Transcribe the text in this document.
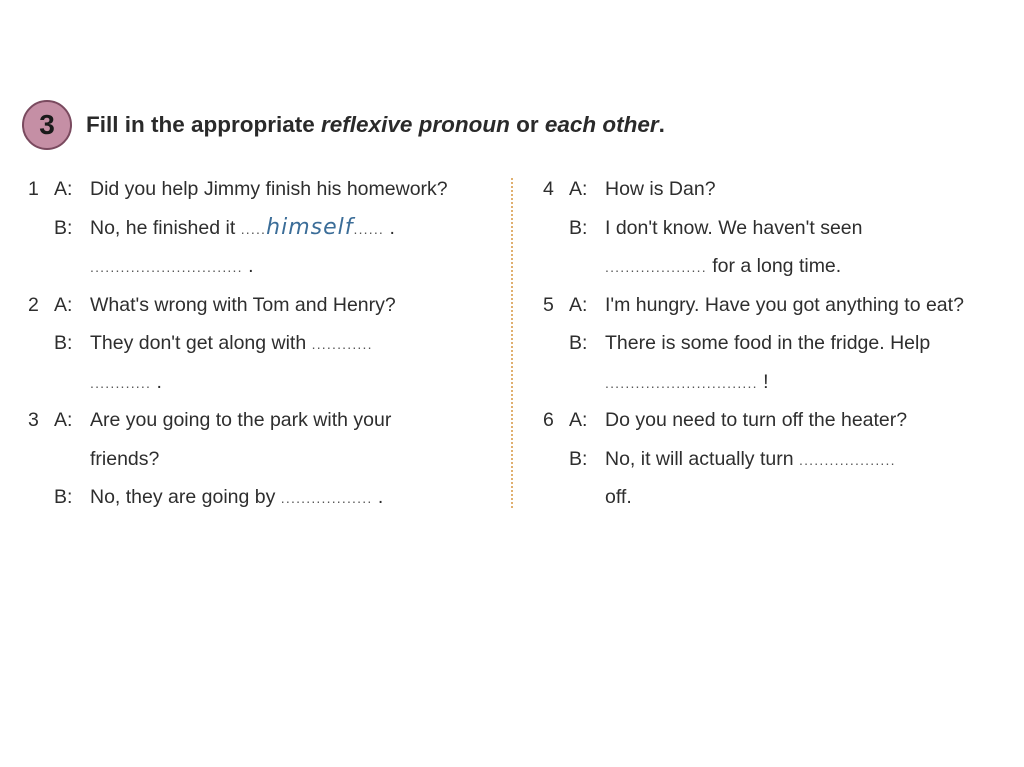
3	Fill in the appropriate reflexive pronoun or each other.
1 A: Did you help Jimmy finish his homework?
B: No, he finished it .....himself...... .
.............................. .
2 A: What's wrong with Tom and Henry?
B: They don't get along with ............
............ .
3 A: Are you going to the park with your
friends?
B: No, they are going by .................. .
4 A: How is Dan?
B: I don't know. We haven't seen
.................... for a long time.
5 A: I'm hungry. Have you got anything to eat?
B: There is some food in the fridge. Help
.............................. !
6 A: Do you need to turn off the heater?
B: No, it will actually turn ...................
off.
